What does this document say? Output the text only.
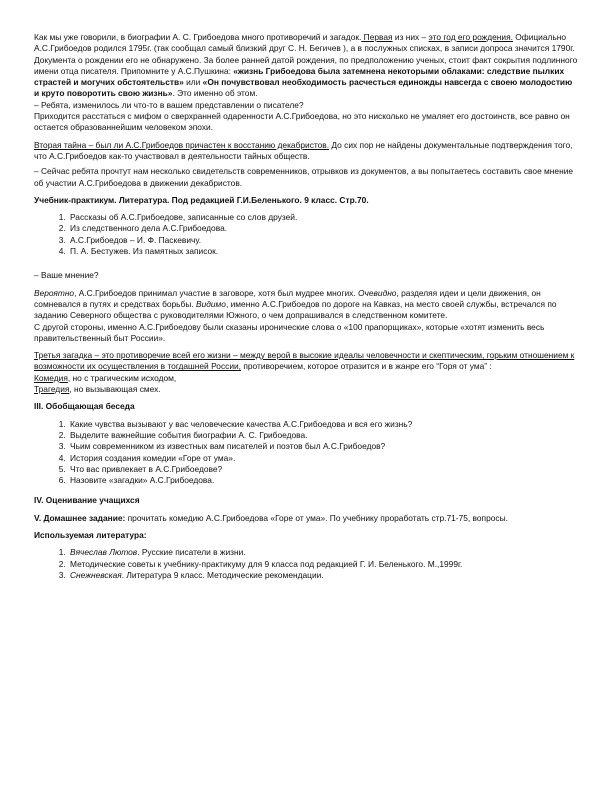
Как мы уже говорили, в биографии А. С. Грибоедова много противоречий и загадок. Первая из них – это год его рождения. Официально А.С.Грибоедов родился 1795г. (так сообщал самый близкий друг С. Н. Бегичев ), а в послужных списках, в записи допроса значится 1790г. Документа о рождении его не обнаружено. За более ранней датой рождения, по предположению ученых, стоит факт сокрытия подлинного имени отца писателя. Припомните у А.С.Пушкина: «жизнь Грибоедова была затемнена некоторыми облаками: следствие пылких страстей и могучих обстоятельств» или «Он почувствовал необходимость расчесться единожды навсегда с своею молодостию и круто поворотить свою жизнь». Это именно об этом.

– Ребята, изменилось ли что-то в вашем представлении о писателе?

Приходится расстаться с мифом о сверхранней одаренности А.С.Грибоедова, но это нисколько не умаляет его достоинств, все равно он остается образованнейшим человеком эпохи.

Вторая тайна – был ли А.С.Грибоедов причастен к восстанию декабристов. До сих пор не найдены документальные подтверждения того, что А.С.Грибоедов как-то участвовал в деятельности тайных обществ.

– Сейчас ребята прочтут нам несколько свидетельств современников, отрывков из документов, а вы попытаетесь составить свое мнение об участии А.С.Грибоедова в движении декабристов.

Учебник-практикум. Литература. Под редакцией Г.И.Беленького. 9 класс. Стр.70.

1. Рассказы об А.С.Грибоедове, записанные со слов друзей.
2. Из следственного дела А.С.Грибоедова.
3. А.С.Грибоедов – И. Ф. Паскевичу.
4. П. А. Бестужев. Из памятных записок.

– Ваше мнение?

Вероятно, А.С.Грибоедов принимал участие в заговоре, хотя был мудрее многих. Очевидно, разделяя идеи и цели движения, он сомневался в путях и средствах борьбы. Видимо, именно А.С.Грибоедов по дороге на Кавказ, на место своей службы, встречался по заданию Северного общества с руководителями Южного, о чем допрашивался в следственном комитете.

С другой стороны, именно А.С.Грибоедову были сказаны иронические слова о «100 прапорщиках», которые «хотят изменить весь правительственный быт России».

Третья загадка – это противоречие всей его жизни – между верой в высокие идеалы человечности и скептическим, горьким отношением к возможности их осуществления в тогдашней России, противоречием, которое отразится и в жанре его “Горя от ума” :

Комедия, но с трагическим исходом,

Трагедия, но вызывающая смех.

III. Обобщающая беседа

1. Какие чувства вызывают у вас человеческие качества А.С.Грибоедова и вся его жизнь?
2. Выделите важнейшие события биографии А. С. Грибоедова.
3. Чьим современником из известных вам писателей и поэтов был А.С.Грибоедов?
4. История создания комедии «Горе от ума».
5. Что вас привлекает в А.С.Грибоедове?
6. Назовите «загадки» А.С.Грибоедова.

IV. Оценивание учащихся

V. Домашнее задание: прочитать комедию А.С.Грибоедова «Горе от ума». По учебнику проработать стр.71-75, вопросы.

Используемая литература:

1. Вячеслав Лютов. Русские писатели в жизни.
2. Методические советы к учебнику-практикуму для 9 класса под редакцией Г. И. Беленького. М.,1999г.
3. Снежневская. Литература 9 класс. Методические рекомендации.
